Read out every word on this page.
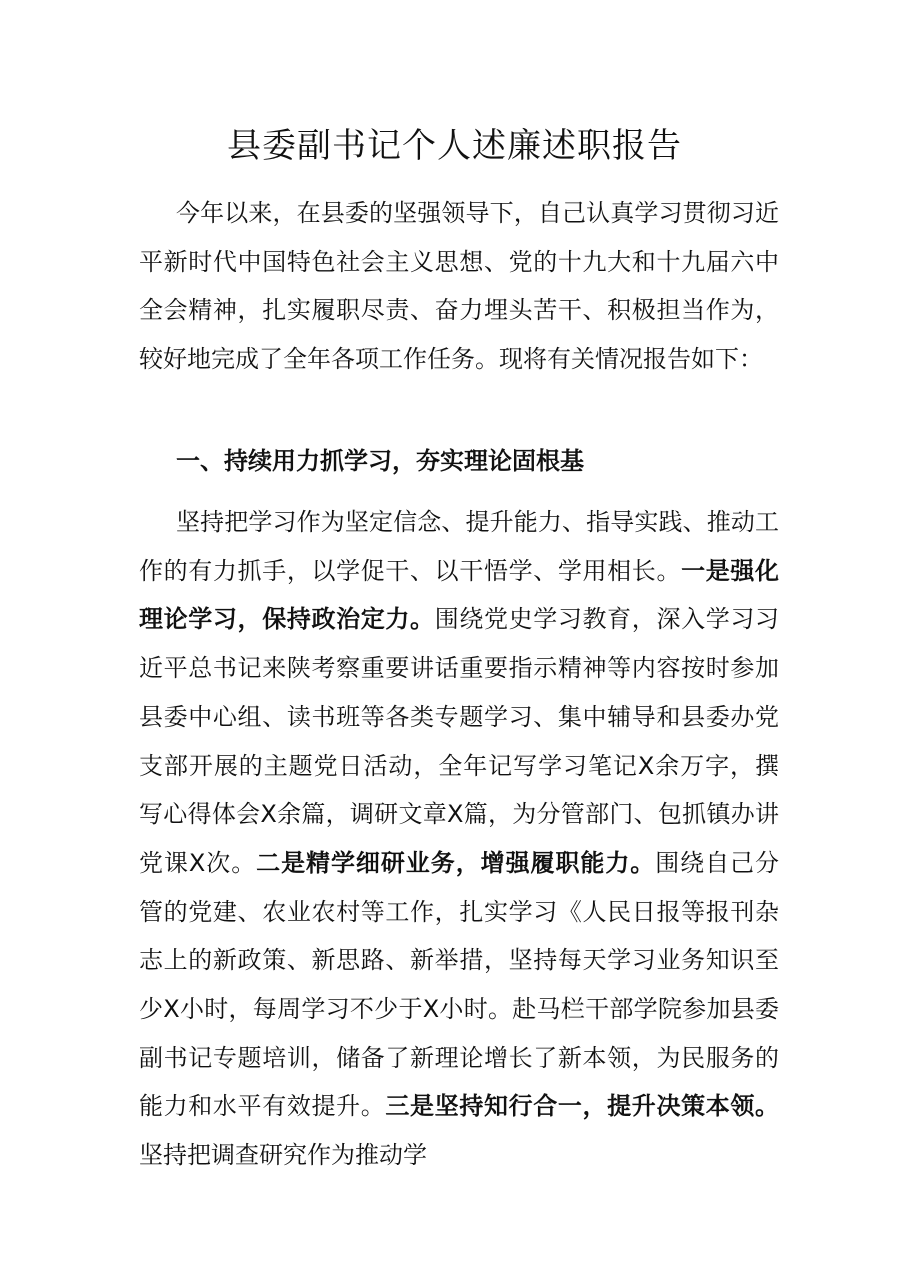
县委副书记个人述廉述职报告

今年以来，在县委的坚强领导下，自己认真学习贯彻习近平新时代中国特色社会主义思想、党的十九大和十九届六中全会精神，扎实履职尽责、奋力埋头苦干、积极担当作为，较好地完成了全年各项工作任务。现将有关情况报告如下：

一、持续用力抓学习，夯实理论固根基

坚持把学习作为坚定信念、提升能力、指导实践、推动工作的有力抓手，以学促干、以干悟学、学用相长。一是强化理论学习，保持政治定力。围绕党史学习教育，深入学习习近平总书记来陕考察重要讲话重要指示精神等内容按时参加县委中心组、读书班等各类专题学习、集中辅导和县委办党支部开展的主题党日活动，全年记写学习笔记X余万字，撰写心得体会X余篇，调研文章X篇，为分管部门、包抓镇办讲党课X次。二是精学细研业务，增强履职能力。围绕自己分管的党建、农业农村等工作，扎实学习《人民日报等报刊杂志上的新政策、新思路、新举措，坚持每天学习业务知识至少X小时，每周学习不少于X小时。赴马栏干部学院参加县委副书记专题培训，储备了新理论增长了新本领，为民服务的能力和水平有效提升。三是坚持知行合一，提升决策本领。坚持把调查研究作为推动学
